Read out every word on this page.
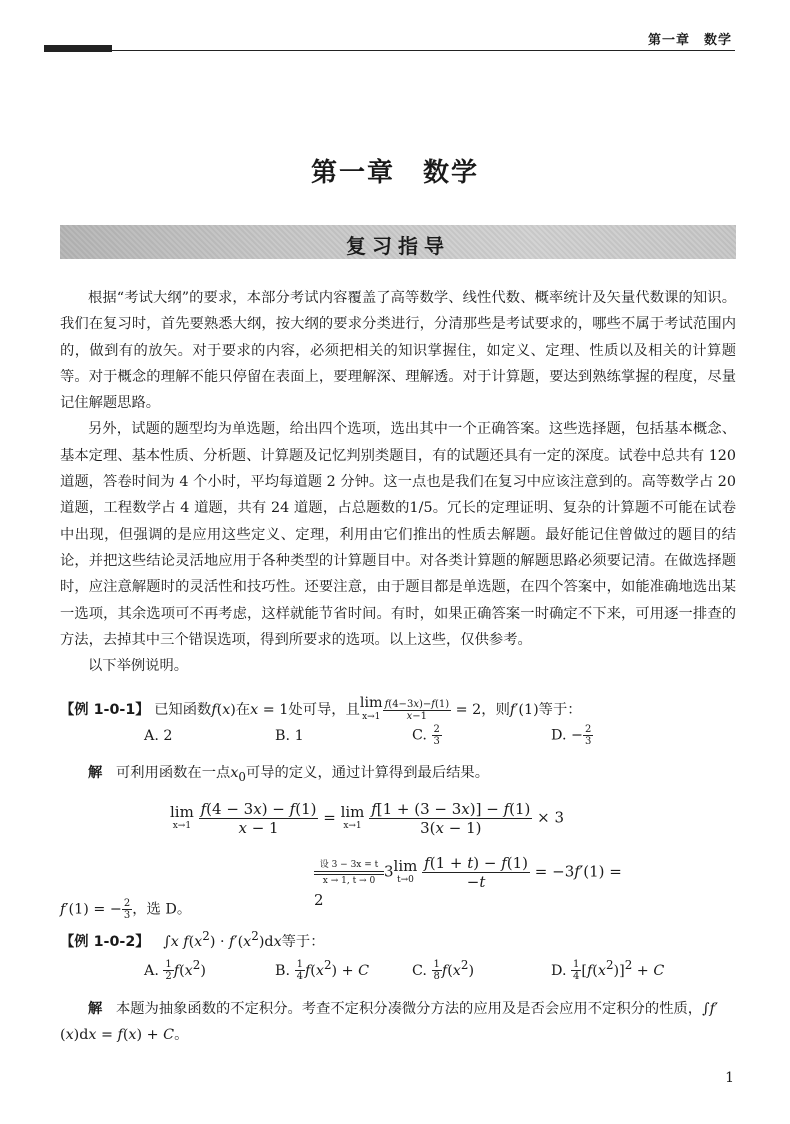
第一章　数学
第一章　数学
复习指导

根据“考试大纲”的要求，本部分考试内容覆盖了高等数学、线性代数、概率统计及矢量代数课的知识。我们在复习时，首先要熟悉大纲，按大纲的要求分类进行，分清那些是考试要求的，哪些不属于考试范围内的，做到有的放矢。对于要求的内容，必须把相关的知识掌握住，如定义、定理、性质以及相关的计算题等。对于概念的理解不能只停留在表面上，要理解深、理解透。对于计算题，要达到熟练掌握的程度，尽量记住解题思路。

另外，试题的题型均为单选题，给出四个选项，选出其中一个正确答案。这些选择题，包括基本概念、基本定理、基本性质、分析题、计算题及记忆判别类题目，有的试题还具有一定的深度。试卷中总共有 120 道题，答卷时间为 4 个小时，平均每道题 2 分钟。这一点也是我们在复习中应该注意到的。高等数学占 20 道题，工程数学占 4 道题，共有 24 道题，占总题数的1/5。冗长的定理证明、复杂的计算题不可能在试卷中出现，但强调的是应用这些定义、定理，利用由它们推出的性质去解题。最好能记住曾做过的题目的结论，并把这些结论灵活地应用于各种类型的计算题目中。对各类计算题的解题思路必须要记清。在做选择题时，应注意解题时的灵活性和技巧性。还要注意，由于题目都是单选题，在四个答案中，如能准确地选出某一选项，其余选项可不再考虑，这样就能节省时间。有时，如果正确答案一时确定不下来，可用逐一排查的方法，去掉其中三个错误选项，得到所要求的选项。以上这些，仅供参考。

以下举例说明。

【例 1-0-1】 已知函数f(x)在x = 1处可导，且lim
$x\to 1 \frac{f(4-3x)-f(1)}{x-1} = 2$，则f′(1)等于：
A. 2	B. 1	C. $\frac{2}{3}$	D. − $\frac{2}{3}$
解 可利用函数在一点$x_0$可导的定义，通过计算得到最后结果。
lim
x→1
$\frac{f(4 - 3x) - f(1)}{x - 1} = \lim$
x→1
$\frac{f[1 + (3 - 3x)] - f(1)}{3(x - 1)} \times 3$
设 3 − 3x = t
x → 1, t → 0 3lim
t→0
$\frac{f(1 + t) - f(1)}{-t} = -3f'(1) = 2$
f′(1) = − $\frac{2}{3}$ ，选 D。
【例 1-0-2】   ∫x $f(x^2) \cdot f'(x^2)dx$等于：
A. $\frac{1}{2} f(x^2)$	B. $\frac{1}{4} f(x^2) + C$	C. $\frac{1}{8} f(x^2)$	D. $\frac{1}{4} [f(x^2)]^2 + C$
解 本题为抽象函数的不定积分。考查不定积分凑微分方法的应用及是否会应用不定积分的性质，∫f′(x)dx = f(x) + C。
1
